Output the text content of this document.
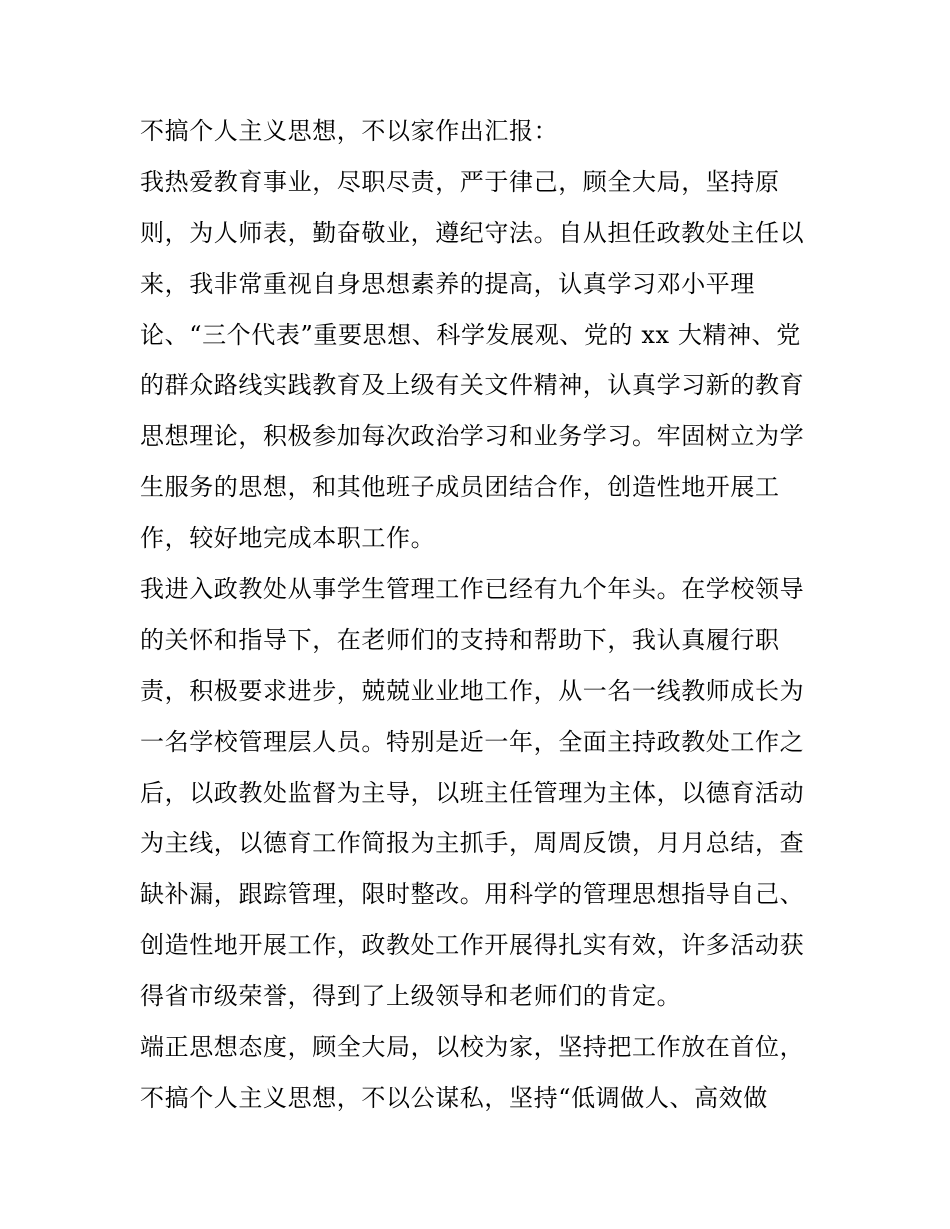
不搞个人主义思想，不以家作出汇报：
我热爱教育事业，尽职尽责，严于律己，顾全大局，坚持原
则，为人师表，勤奋敬业，遵纪守法。自从担任政教处主任以
来，我非常重视自身思想素养的提高，认真学习邓小平理
论、“三个代表”重要思想、科学发展观、党的 xx 大精神、党
的群众路线实践教育及上级有关文件精神，认真学习新的教育
思想理论，积极参加每次政治学习和业务学习。牢固树立为学
生服务的思想，和其他班子成员团结合作，创造性地开展工
作，较好地完成本职工作。
我进入政教处从事学生管理工作已经有九个年头。在学校领导
的关怀和指导下，在老师们的支持和帮助下，我认真履行职
责，积极要求进步，兢兢业业地工作，从一名一线教师成长为
一名学校管理层人员。特别是近一年，全面主持政教处工作之
后，以政教处监督为主导，以班主任管理为主体，以德育活动
为主线，以德育工作简报为主抓手，周周反馈，月月总结，查
缺补漏，跟踪管理，限时整改。用科学的管理思想指导自己、
创造性地开展工作，政教处工作开展得扎实有效，许多活动获
得省市级荣誉，得到了上级领导和老师们的肯定。
端正思想态度，顾全大局，以校为家，坚持把工作放在首位，
不搞个人主义思想，不以公谋私，坚持“低调做人、高效做
